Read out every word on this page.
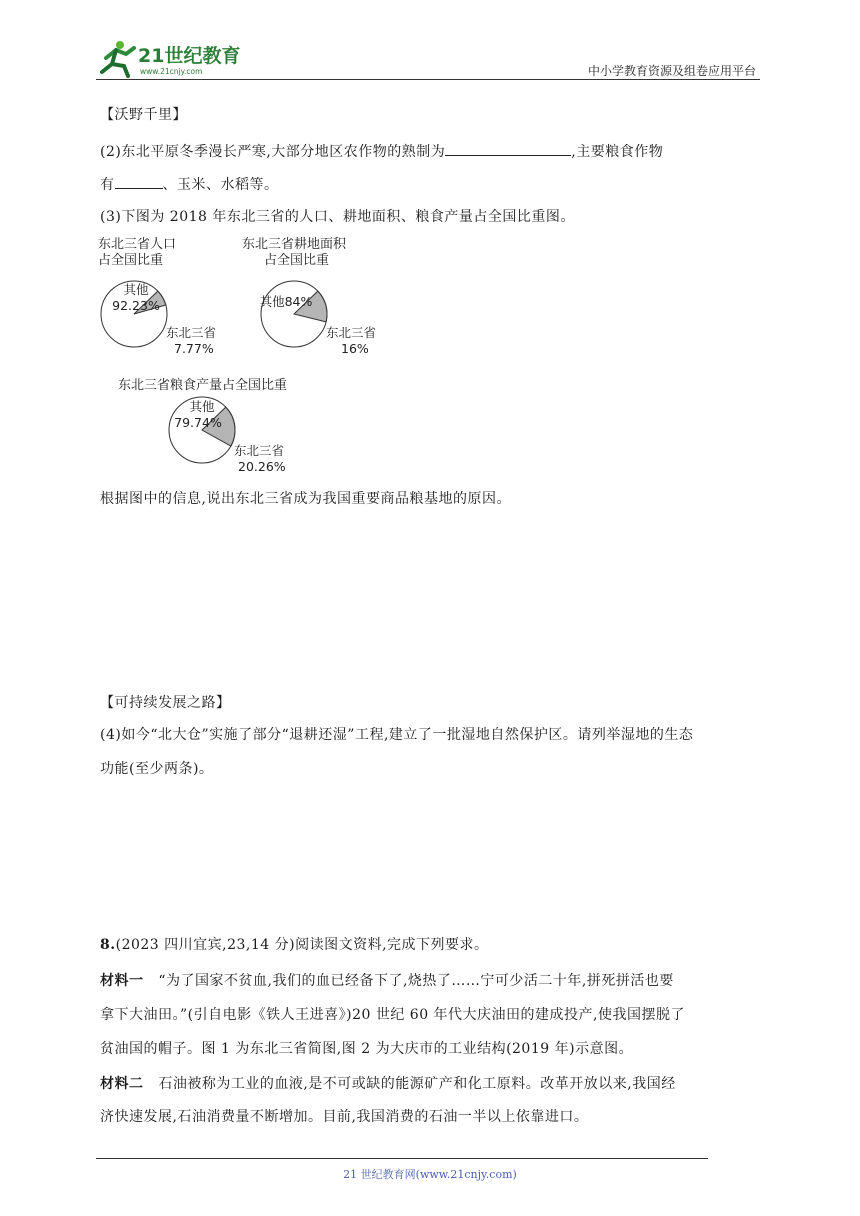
21世纪教育
www.21cnjy.com	中小学教育资源及组卷应用平台
【沃野千里】
(2)东北平原冬季漫长严寒,大部分地区农作物的熟制为	,主要粮食作物
有	、玉米、水稻等。
(3)下图为 2018 年东北三省的人口、耕地面积、粮食产量占全国比重图。
东北三省人口
占全国比重
其他
92.23%
东北三省
7.77%
东北三省耕地面积
占全国比重
其他84%
东北三省
16%
东北三省粮食产量占全国比重
其他
79.74%
东北三省
20.26%
根据图中的信息,说出东北三省成为我国重要商品粮基地的原因。
【可持续发展之路】
(4)如今“北大仓”实施了部分“退耕还湿”工程,建立了一批湿地自然保护区。请列举湿地的生态
功能(至少两条)。
8.(2023 四川宜宾,23,14 分)阅读图文资料,完成下列要求。
材料一 “为了国家不贫血,我们的血已经备下了,烧热了……宁可少活二十年,拼死拼活也要
拿下大油田。”(引自电影《铁人王进喜》)20 世纪 60 年代大庆油田的建成投产,使我国摆脱了
贫油国的帽子。图 1 为东北三省简图,图 2 为大庆市的工业结构(2019 年)示意图。
材料二 石油被称为工业的血液,是不可或缺的能源矿产和化工原料。改革开放以来,我国经
济快速发展,石油消费量不断增加。目前,我国消费的石油一半以上依靠进口。
21 世纪教育网(www.21cnjy.com)
